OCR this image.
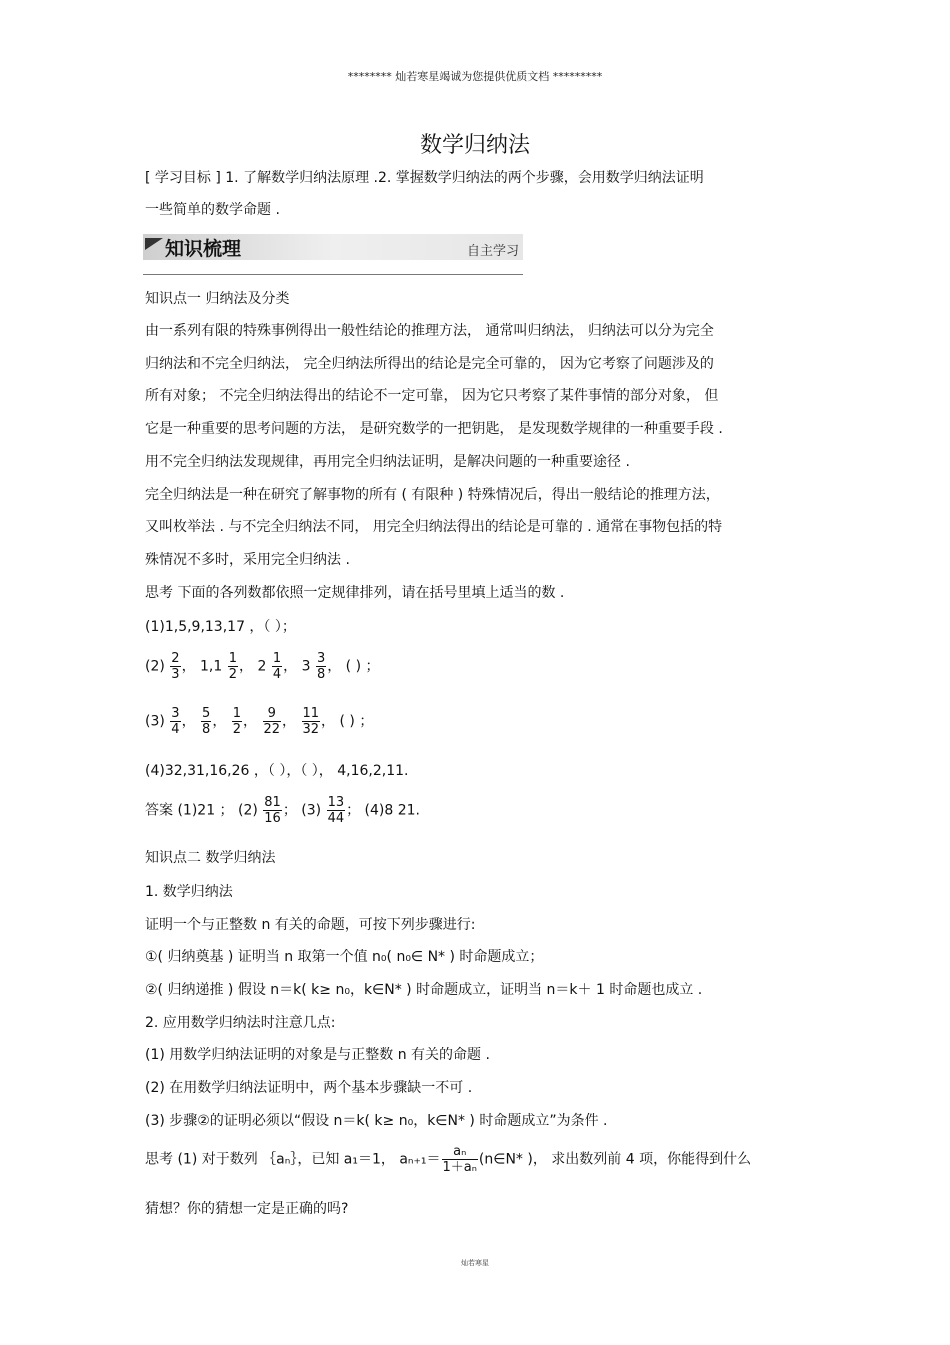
******** 灿若寒星竭诚为您提供优质文档 *********
数学归纳法
[ 学习目标 ] 1. 了解数学归纳法原理 .2. 掌握数学归纳法的两个步骤，会用数学归纳法证明
一些简单的数学命题 .
知识梳理	自主学习
知识点一 归纳法及分类
由一系列有限的特殊事例得出一般性结论的推理方法， 通常叫归纳法， 归纳法可以分为完全
归纳法和不完全归纳法， 完全归纳法所得出的结论是完全可靠的， 因为它考察了问题涉及的
所有对象； 不完全归纳法得出的结论不一定可靠， 因为它只考察了某件事情的部分对象， 但
它是一种重要的思考问题的方法， 是研究数学的一把钥匙， 是发现数学规律的一种重要手段 .
用不完全归纳法发现规律，再用完全归纳法证明，是解决问题的一种重要途径 .
完全归纳法是一种在研究了解事物的所有 ( 有限种 ) 特殊情况后，得出一般结论的推理方法，
又叫枚举法 . 与不完全归纳法不同， 用完全归纳法得出的结论是可靠的 . 通常在事物包括的特
殊情况不多时，采用完全归纳法 .
思考 下面的各列数都依照一定规律排列，请在括号里填上适当的数 .
(1)1,5,9,13,17 ，（ ）；
$(2) \frac{2}{3}$ ， $1,1 \frac{1}{2}$ ， $2 \frac{1}{4}$ ， $3 \frac{3}{8}$ ， ( ) ；
$(3) \frac{3}{4}$ ， $\frac{5}{8}$ ， $\frac{1}{2}$ ， $\frac{9}{22}$ ， $\frac{11}{32}$ ， ( ) ；
(4)32,31,16,26 ，（ ），（ ）， 4,16,2,11.
答案 (1)21 ； $(2) \frac{81}{16}$ ； $(3) \frac{13}{44}$ ； (4)8 21.
知识点二 数学归纳法
1. 数学归纳法
证明一个与正整数 n 有关的命题，可按下列步骤进行:
①( 归纳奠基 ) 证明当 n 取第一个值 n₀( n₀∈ N* ) 时命题成立；
②( 归纳递推 ) 假设 n＝k( k≥ n₀，k∈N* ) 时命题成立，证明当 n＝k＋ 1 时命题也成立 .
2. 应用数学归纳法时注意几点:
(1) 用数学归纳法证明的对象是与正整数 n 有关的命题 .
(2) 在用数学归纳法证明中，两个基本步骤缺一不可 .
(3) 步骤②的证明必须以“假设 n＝k( k≥ n₀，k∈N* ) 时命题成立”为条件 .
思考 (1) 对于数列 ｛aₙ｝，已知 a₁＝1， $a_{n+1}= \frac{\text{aₙ}}{\text{1＋aₙ}}$ (n∈N* )， 求出数列前 4 项，你能得到什么
猜想？你的猜想一定是正确的吗?
灿若寒星
